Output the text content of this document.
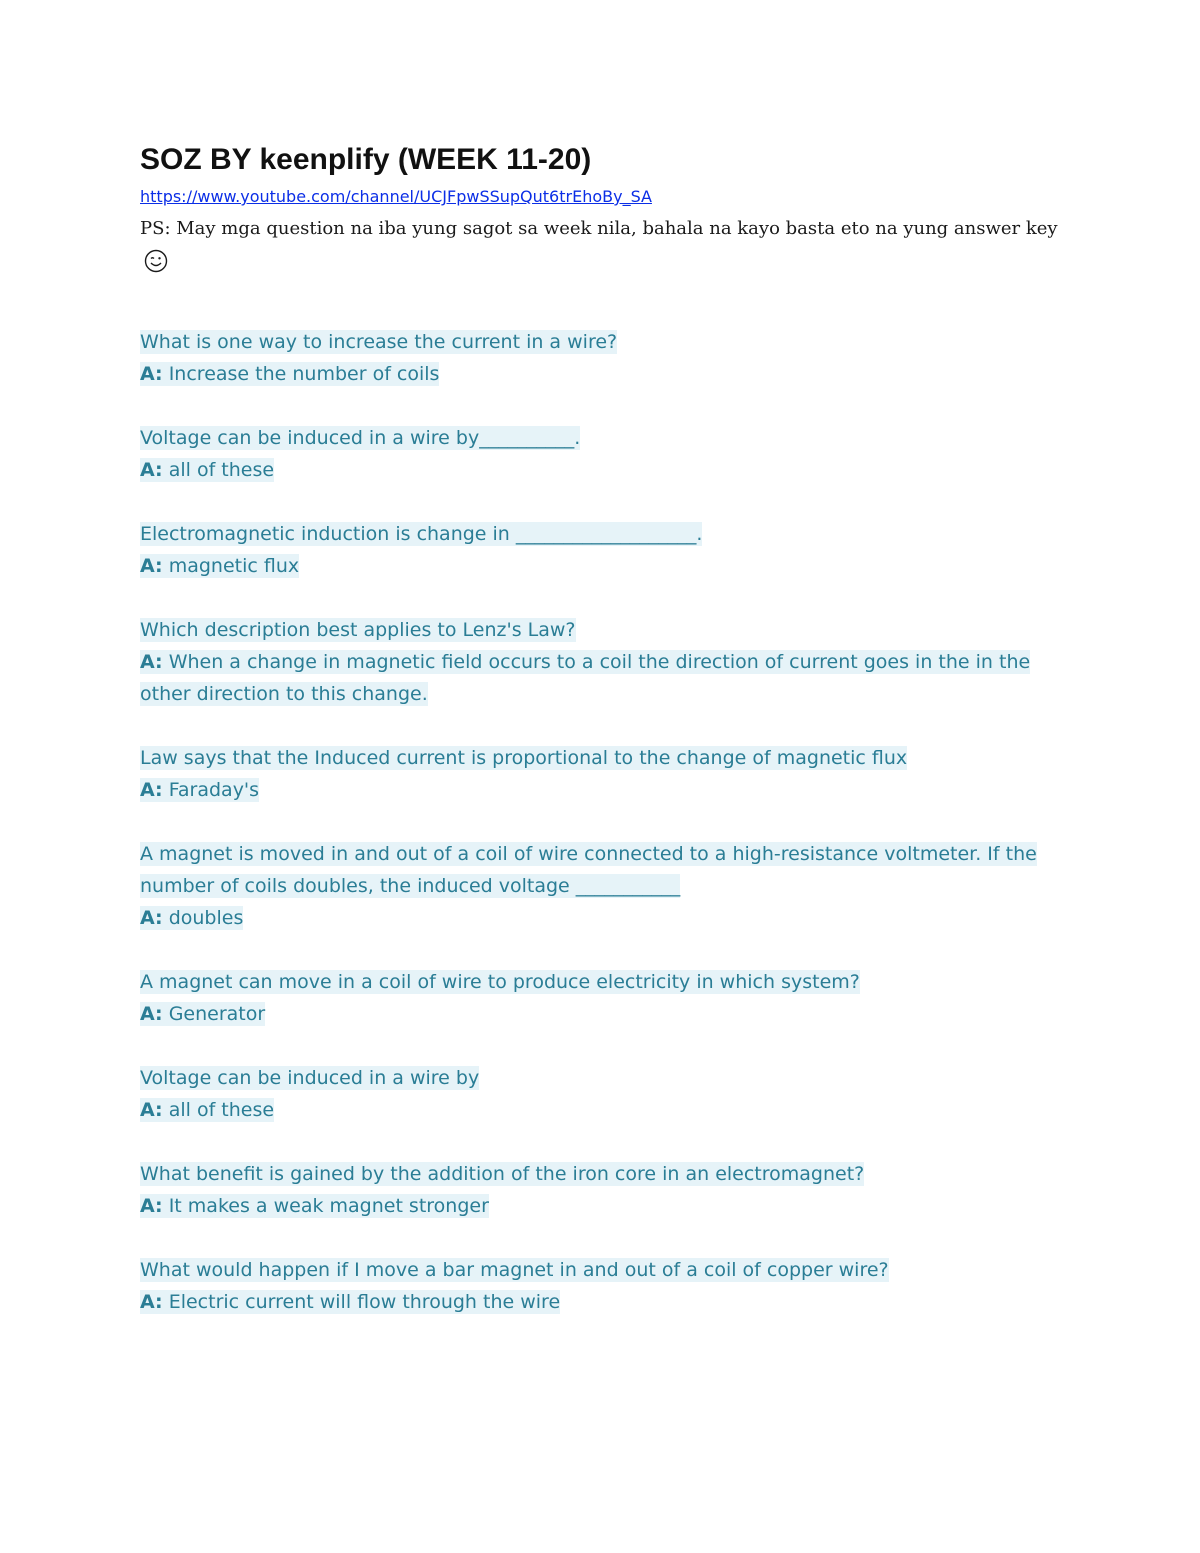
SOZ BY keenplify (WEEK 11-20)
https://www.youtube.com/channel/UCJFpwSSupQut6trEhoBy_SA

PS: May mga question na iba yung sagot sa week nila, bahala na kayo basta eto na yung answer key

What is one way to increase the current in a wire?
A: Increase the number of coils
Voltage can be induced in a wire by__________.
A: all of these
Electromagnetic induction is change in ___________________.
A: magnetic flux
Which description best applies to Lenz's Law?
A: When a change in magnetic field occurs to a coil the direction of current goes in the in the other direction to this change.
Law says that the Induced current is proportional to the change of magnetic flux
A: Faraday's
A magnet is moved in and out of a coil of wire connected to a high-resistance voltmeter. If the number of coils doubles, the induced voltage ___________
A: doubles
A magnet can move in a coil of wire to produce electricity in which system?
A: Generator
Voltage can be induced in a wire by
A: all of these
What benefit is gained by the addition of the iron core in an electromagnet?
A: It makes a weak magnet stronger
What would happen if I move a bar magnet in and out of a coil of copper wire?
A: Electric current will flow through the wire
